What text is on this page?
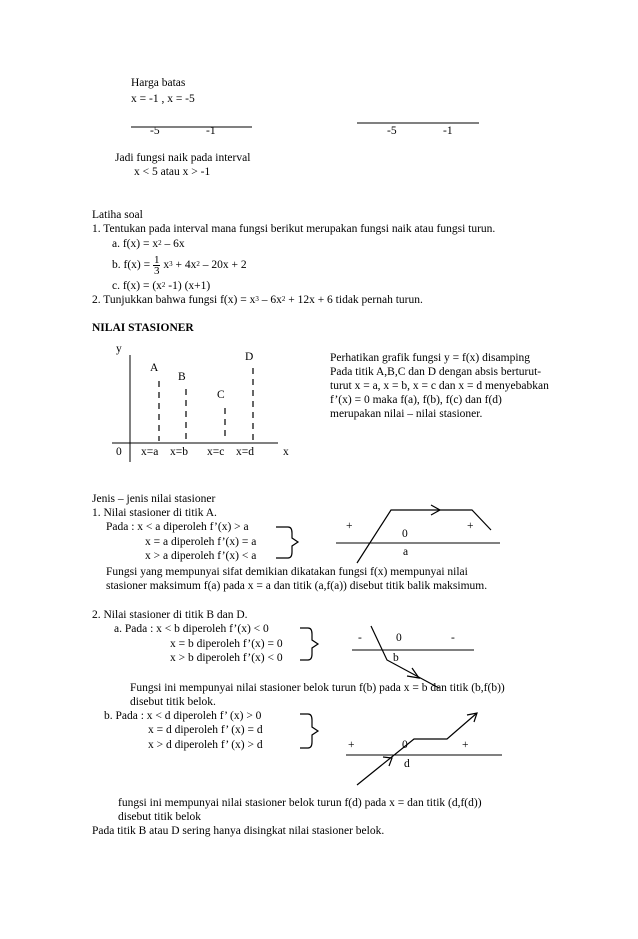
Harga batas
x = -1 , x = -5
-5	-1	-5	-1
Jadi fungsi naik pada interval
x < 5 atau x > -1
Latiha soal
1. Tentukan pada interval mana fungsi berikut merupakan fungsi naik atau fungsi turun.
a. $f(x) = x^2 - 6x$
b. $f(x) = \frac{1}{3} x^3 + 4x^2 - 20x + 2$
c. $f(x) = (x^2$ -1) (x+1)
2. Tunjukkan bahwa fungsi $f(x) = x^3 - 6x^2 + 12x + 6$ tidak pernah turun.
NILAI STASIONER
y
A
B
C
D
0 x=a x=b x=c x=d	x
Perhatikan grafik fungsi y = f(x) disamping
Pada titik A,B,C dan D dengan absis berturut-
turut x = a, x = b, x = c dan x = d menyebabkan
f’(x) = 0 maka f(a), f(b), f(c) dan f(d)
merupakan nilai – nilai stasioner.
Jenis – jenis nilai stasioner
1. Nilai stasioner di titik A.
Pada : x < a diperoleh f’(x) > a
x = a diperoleh f’(x) = a
x > a diperoleh f’(x) < a
+
0
+
a
Fungsi yang mempunyai sifat demikian dikatakan fungsi f(x) mempunyai nilai
stasioner maksimum f(a) pada x = a dan titik (a,f(a)) disebut titik balik maksimum.
2. Nilai stasioner di titik B dan D.
a. Pada : x < b diperoleh f’(x) < 0
x = b diperoleh f’(x) = 0
x > b diperoleh f’(x) < 0
-	0	-
b
Fungsi ini mempunyai nilai stasioner belok turun f(b) pada x = b dan titik (b,f(b))
disebut titik belok.
b. Pada : x < d diperoleh f’ (x) > 0
x = d diperoleh f’ (x) = d
x > d diperoleh f’ (x) > d	+	0	+
d
fungsi ini mempunyai nilai stasioner belok turun f(d) pada x = dan titik (d,f(d))
disebut titik belok
Pada titik B atau D sering hanya disingkat nilai stasioner belok.
